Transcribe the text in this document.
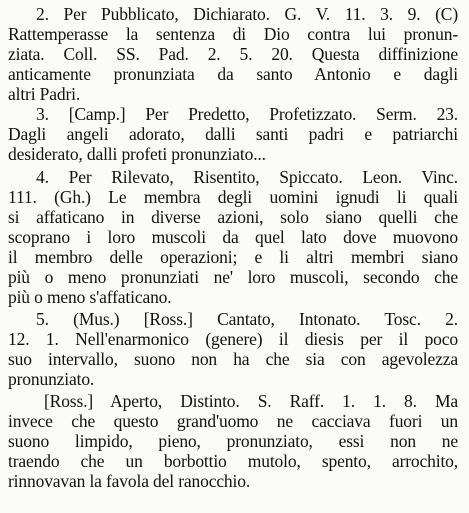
2. Per Pubblicato, Dichiarato. G. V. 11. 3. 9. (C)
Rattemperasse la sentenza di Dio contra lui pronun-
ziata. Coll. SS. Pad. 2. 5. 20. Questa diffinizione
anticamente pronunziata da santo Antonio e dagli
altri Padri.
3. [Camp.] Per Predetto, Profetizzato. Serm. 23.
Dagli angeli adorato, dalli santi padri e patriarchi
desiderato, dalli profeti pronunziato...
4. Per Rilevato, Risentito, Spiccato. Leon. Vinc.
111. (Gh.) Le membra degli uomini ignudi li quali
si affaticano in diverse azioni, solo siano quelli che
scoprano i loro muscoli da quel lato dove muovono
il membro delle operazioni; e li altri membri siano
più o meno pronunziati ne' loro muscoli, secondo che
più o meno s'affaticano.
5. (Mus.) [Ross.] Cantato, Intonato. Tosc. 2.
12. 1. Nell'enarmonico (genere) il diesis per il poco
suo intervallo, suono non ha che sia con agevolezza
pronunziato.
[Ross.] Aperto, Distinto. S. Raff. 1. 1. 8. Ma
invece che questo grand'uomo ne cacciava fuori un
suono limpido, pieno, pronunziato, essi non ne
traendo che un borbottio mutolo, spento, arrochito,
rinnovavan la favola del ranocchio.
